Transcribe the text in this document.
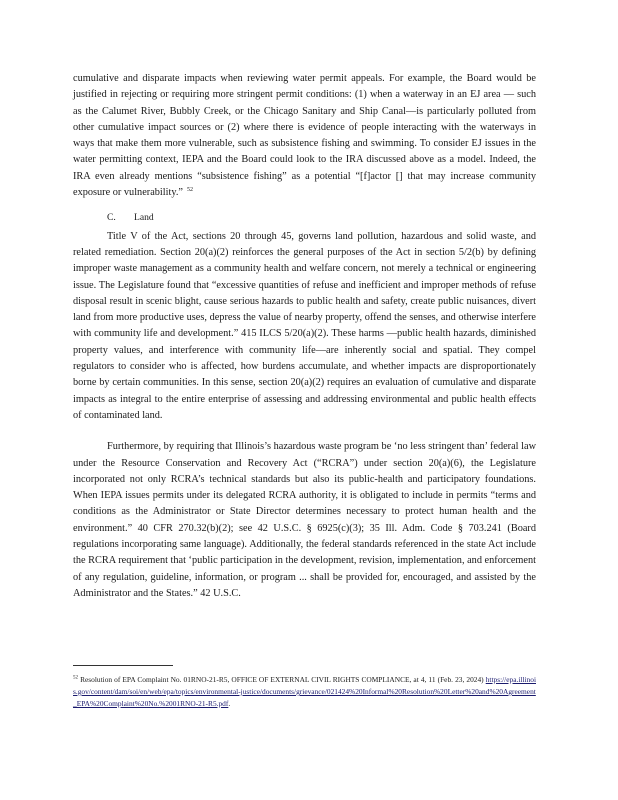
cumulative and disparate impacts when reviewing water permit appeals. For example, the Board would be justified in rejecting or requiring more stringent permit conditions: (1) when a waterway in an EJ area — such as the Calumet River, Bubbly Creek, or the Chicago Sanitary and Ship Canal—is particularly polluted from other cumulative impact sources or (2) where there is evidence of people interacting with the waterways in ways that make them more vulnerable, such as subsistence fishing and swimming. To consider EJ issues in the water permitting context, IEPA and the Board could look to the IRA discussed above as a model. Indeed, the IRA even already mentions “subsistence fishing” as a potential “[f]actor [] that may increase community exposure or vulnerability.” $^{52}$

C. Land

Title V of the Act, sections 20 through 45, governs land pollution, hazardous and solid waste, and related remediation. Section 20(a)(2) reinforces the general purposes of the Act in section 5/2(b) by defining improper waste management as a community health and welfare concern, not merely a technical or engineering issue. The Legislature found that “excessive quantities of refuse and inefficient and improper methods of refuse disposal result in scenic blight, cause serious hazards to public health and safety, create public nuisances, divert land from more productive uses, depress the value of nearby property, offend the senses, and otherwise interfere with community life and development.” 415 ILCS 5/20(a)(2). These harms —public health hazards, diminished property values, and interference with community life—are inherently social and spatial. They compel regulators to consider who is affected, how burdens accumulate, and whether impacts are disproportionately borne by certain communities. In this sense, section 20(a)(2) requires an evaluation of cumulative and disparate impacts as integral to the entire enterprise of assessing and addressing environmental and public health effects of contaminated land.

Furthermore, by requiring that Illinois’s hazardous waste program be ‘no less stringent than’ federal law under the Resource Conservation and Recovery Act (“RCRA”) under section 20(a)(6), the Legislature incorporated not only RCRA’s technical standards but also its public-health and participatory foundations. When IEPA issues permits under its delegated RCRA authority, it is obligated to include in permits “terms and conditions as the Administrator or State Director determines necessary to protect human health and the environment.” 40 CFR 270.32(b)(2); see 42 U.S.C. § 6925(c)(3); 35 Ill. Adm. Code § 703.241 (Board regulations incorporating same language). Additionally, the federal standards referenced in the state Act include the RCRA requirement that ‘public participation in the development, revision, implementation, and enforcement of any regulation, guideline, information, or program ... shall be provided for, encouraged, and assisted by the Administrator and the States.” 42 U.S.C.

$^{52}$ Resolution of EPA Complaint No. 01RNO-21-R5, OFFICE OF EXTERNAL CIVIL RIGHTS COMPLIANCE, at 4, 11 (Feb. 23, 2024) https://epa.illinois.gov/content/dam/soi/en/web/epa/topics/environmental-justice/documents/grievance/021424%20Informal%20Resolution%20Letter%20and%20Agreement_EPA%20Complaint%20No.%2001RNO-21-R5.pdf.
